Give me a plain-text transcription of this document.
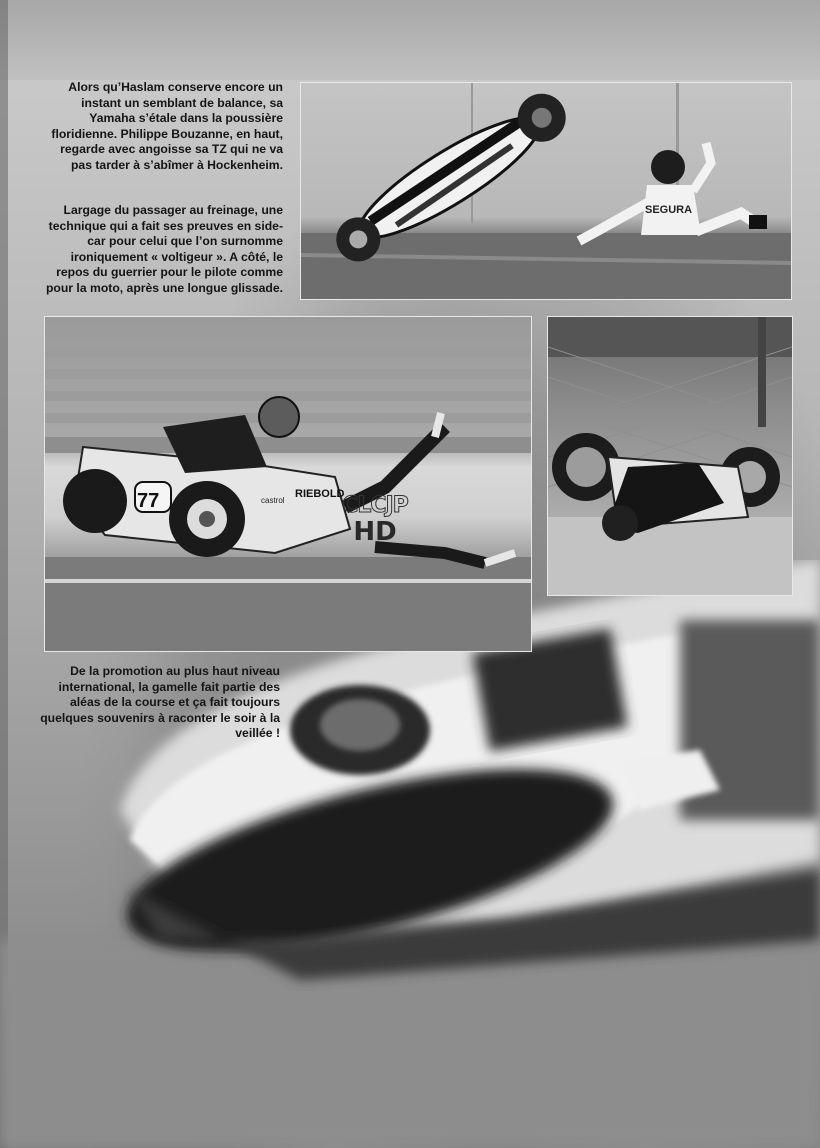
Alors qu’Haslam conserve encore un instant un semblant de balance, sa Yamaha s’étale dans la poussière floridienne. Philippe Bouzanne, en haut, regarde avec angoisse sa TZ qui ne va pas tarder à s’abîmer à Hockenheim.

Largage du passager au freinage, une technique qui a fait ses preuves en side-car pour celui que l’on surnomme ironiquement « voltigeur ». A côté, le repos du guerrier pour le pilote comme pour la moto, après une longue glissade.

SEGURA
77	RIEBOLD
castrol	CLCJP
HD

De la promotion au plus haut niveau international, la gamelle fait partie des aléas de la course et ça fait toujours quelques souvenirs à raconter le soir à la veillée !
